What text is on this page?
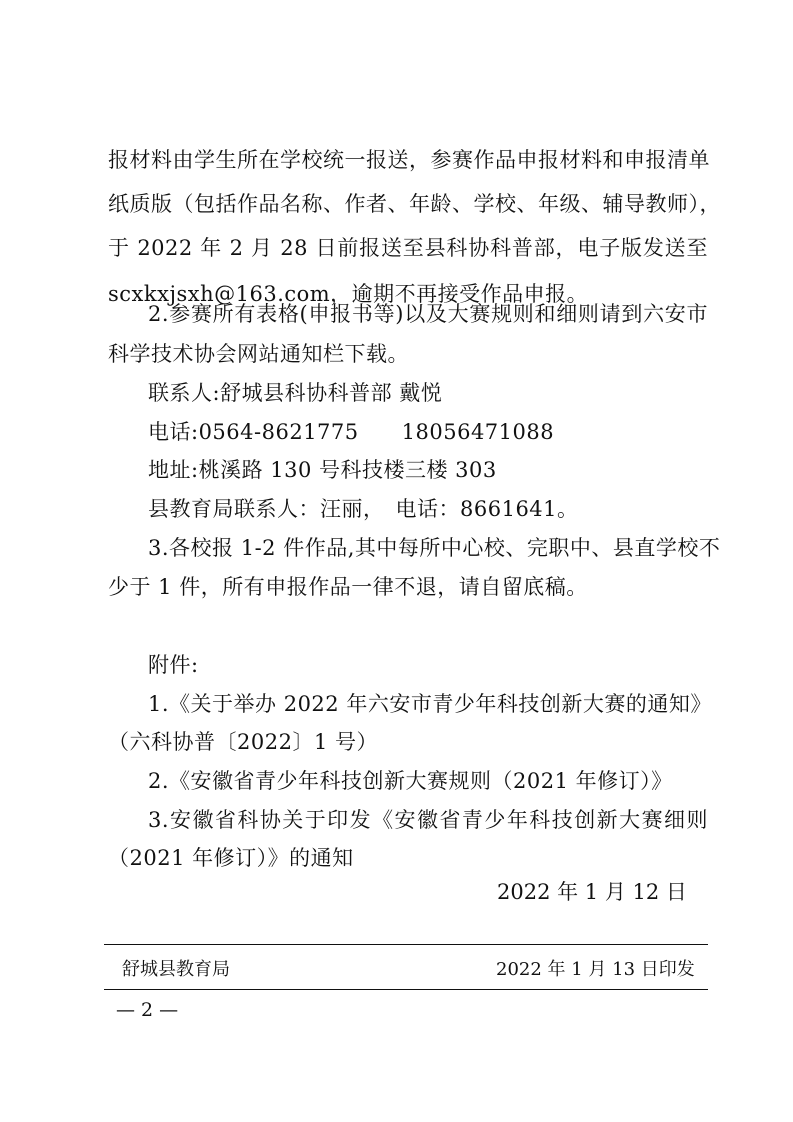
报材料由学生所在学校统一报送，参赛作品申报材料和申报清单
纸质版（包括作品名称、作者、年龄、学校、年级、辅导教师），
于 2022 年 2 月 28 日前报送至县科协科普部，电子版发送至
scxkxjsxh@163.com，逾期不再接受作品申报。
2.参赛所有表格(申报书等)以及大赛规则和细则请到六安市
科学技术协会网站通知栏下载。
联系人:舒城县科协科普部 戴悦
电话:0564-8621775　　18056471088
地址:桃溪路 130 号科技楼三楼 303
县教育局联系人：汪丽，　电话：8661641。
3.各校报 1-2 件作品,其中每所中心校、完职中、县直学校不
少于 1 件，所有申报作品一律不退，请自留底稿。
附件:
1.《关于举办 2022 年六安市青少年科技创新大赛的通知》
（六科协普〔2022〕1 号）
2.《安徽省青少年科技创新大赛规则（2021 年修订）》
3.安徽省科协关于印发《安徽省青少年科技创新大赛细则
（2021 年修订）》的通知
2022 年 1 月 12 日
舒城县教育局	2022 年 1 月 13 日印发
— 2 —
